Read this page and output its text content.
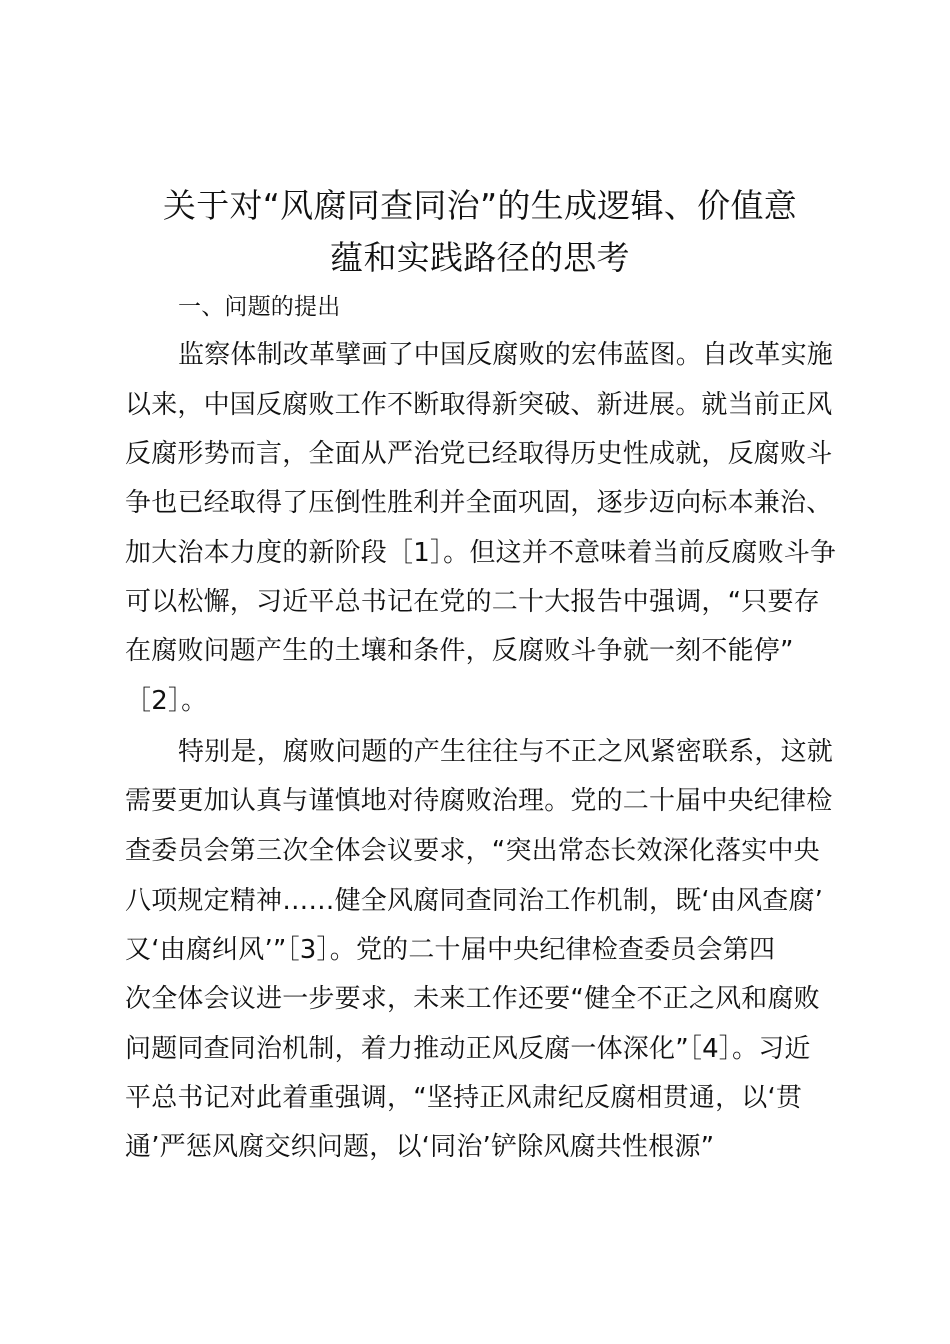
关于对“风腐同查同治”的生成逻辑、价值意
蕴和实践路径的思考
一、问题的提出
监察体制改革擘画了中国反腐败的宏伟蓝图。自改革实施
以来，中国反腐败工作不断取得新突破、新进展。就当前正风
反腐形势而言，全面从严治党已经取得历史性成就，反腐败斗
争也已经取得了压倒性胜利并全面巩固，逐步迈向标本兼治、
加大治本力度的新阶段［1］。但这并不意味着当前反腐败斗争
可以松懈，习近平总书记在党的二十大报告中强调，“只要存
在腐败问题产生的土壤和条件，反腐败斗争就一刻不能停”
［2］。
特别是，腐败问题的产生往往与不正之风紧密联系，这就
需要更加认真与谨慎地对待腐败治理。党的二十届中央纪律检
查委员会第三次全体会议要求，“突出常态长效深化落实中央
八项规定精神……健全风腐同查同治工作机制，既‘由风查腐’
又‘由腐纠风’”［3］。党的二十届中央纪律检查委员会第四
次全体会议进一步要求，未来工作还要“健全不正之风和腐败
问题同查同治机制，着力推动正风反腐一体深化”［4］。习近
平总书记对此着重强调，“坚持正风肃纪反腐相贯通，以‘贯
通’严惩风腐交织问题，以‘同治’铲除风腐共性根源”
